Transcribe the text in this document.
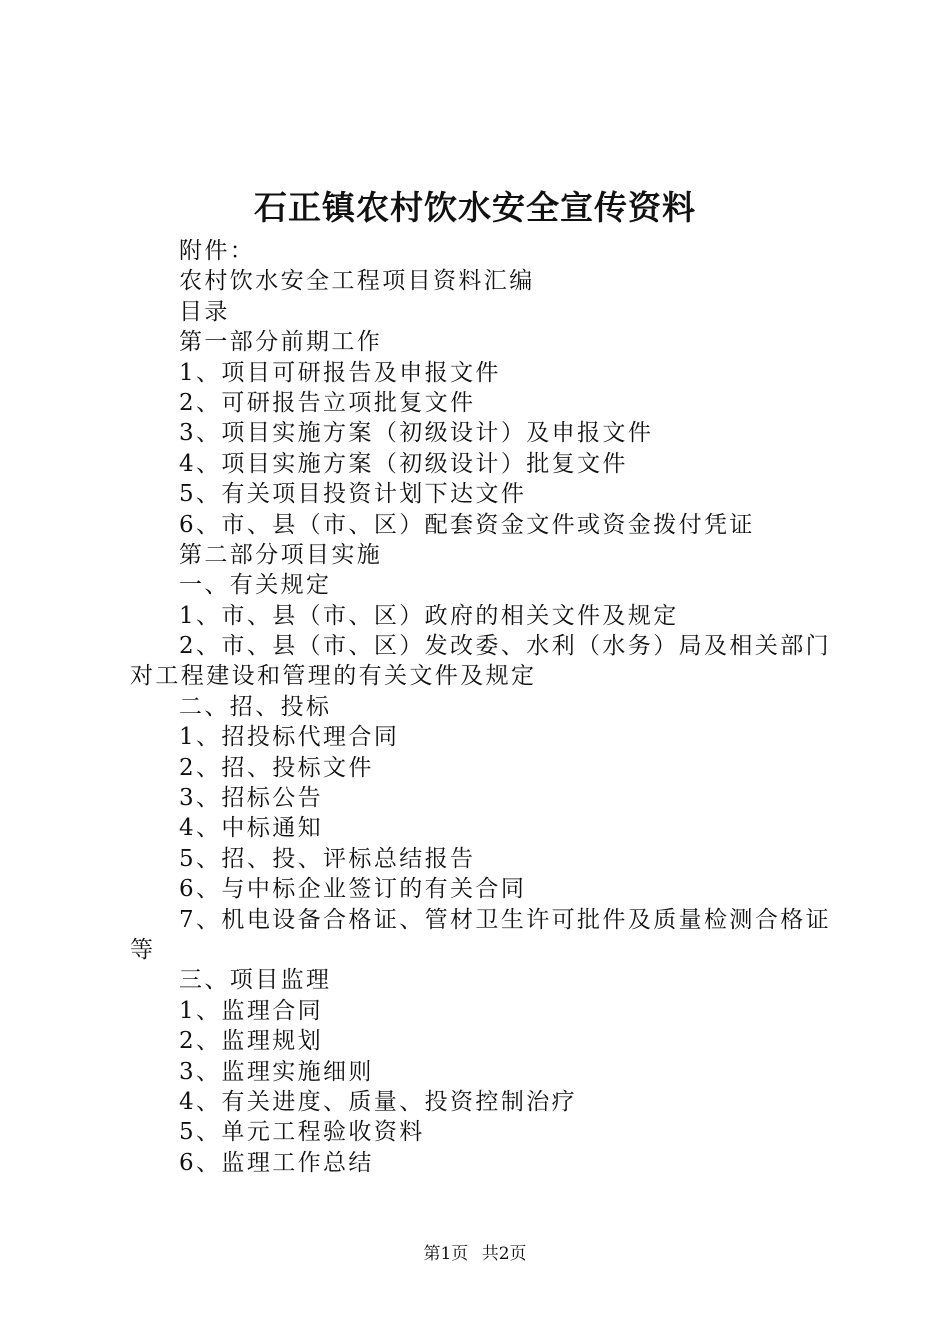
石正镇农村饮水安全宣传资料
附件：
农村饮水安全工程项目资料汇编
目录
第一部分前期工作
1、项目可研报告及申报文件
2、可研报告立项批复文件
3、项目实施方案（初级设计）及申报文件
4、项目实施方案（初级设计）批复文件
5、有关项目投资计划下达文件
6、市、县（市、区）配套资金文件或资金拨付凭证
第二部分项目实施
一、有关规定
1、市、县（市、区）政府的相关文件及规定
2、市、县（市、区）发改委、水利（水务）局及相关部门
对工程建设和管理的有关文件及规定
二、招、投标
1、招投标代理合同
2、招、投标文件
3、招标公告
4、中标通知
5、招、投、评标总结报告
6、与中标企业签订的有关合同
7、机电设备合格证、管材卫生许可批件及质量检测合格证
等
三、项目监理
1、监理合同
2、监理规划
3、监理实施细则
4、有关进度、质量、投资控制治疗
5、单元工程验收资料
6、监理工作总结
第1页 共2页
